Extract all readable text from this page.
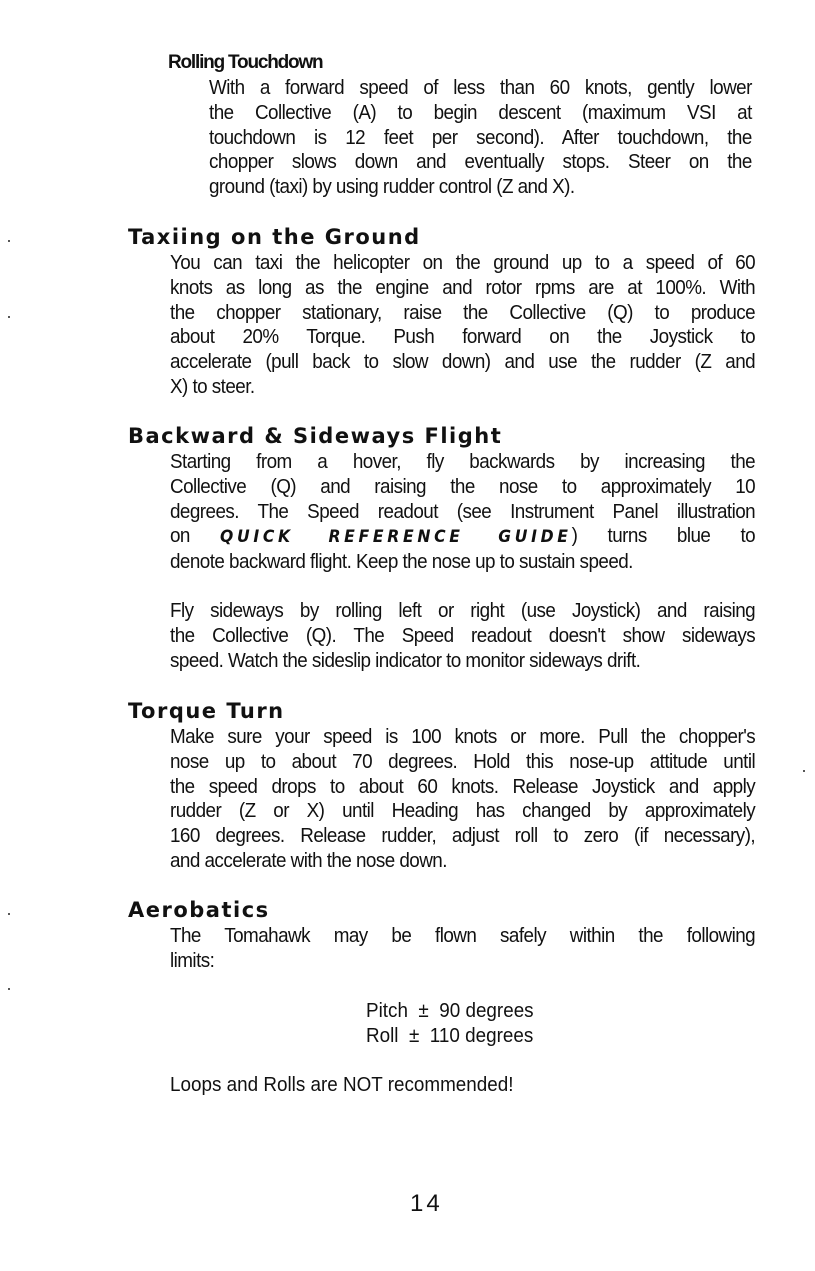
Rolling Touchdown
With a forward speed of less than 60 knots, gently lower
the Collective (A) to begin descent (maximum VSI at
touchdown is 12 feet per second). After touchdown, the
chopper slows down and eventually stops. Steer on the
ground (taxi) by using rudder control (Z and X).
Taxiing on the Ground
You can taxi the helicopter on the ground up to a speed of 60
knots as long as the engine and rotor rpms are at 100%. With
the chopper stationary, raise the Collective (Q) to produce
about 20% Torque. Push forward on the Joystick to
accelerate (pull back to slow down) and use the rudder (Z and
X) to steer.
Backward & Sideways Flight
Starting from a hover, fly backwards by increasing the
Collective (Q) and raising the nose to approximately 10
degrees. The Speed readout (see Instrument Panel illustration
on QUICK REFERENCE GUIDE) turns blue to
denote backward flight. Keep the nose up to sustain speed.
Fly sideways by rolling left or right (use Joystick) and raising
the Collective (Q). The Speed readout doesn't show sideways
speed. Watch the sideslip indicator to monitor sideways drift.
Torque Turn
Make sure your speed is 100 knots or more. Pull the chopper's
nose up to about 70 degrees. Hold this nose-up attitude until
the speed drops to about 60 knots. Release Joystick and apply
rudder (Z or X) until Heading has changed by approximately
160 degrees. Release rudder, adjust roll to zero (if necessary),
and accelerate with the nose down.
Aerobatics
The Tomahawk may be flown safely within the following
limits:
Pitch  ±  90 degrees
Roll  ±  110 degrees
Loops and Rolls are NOT recommended!
14
